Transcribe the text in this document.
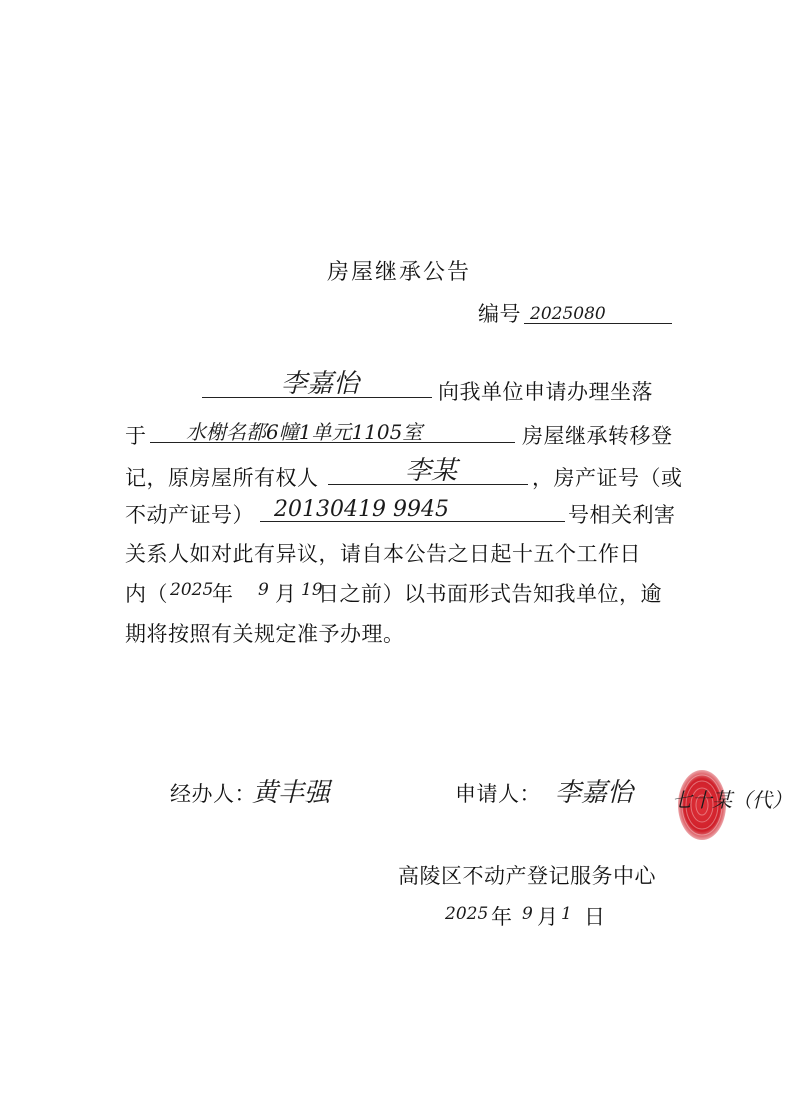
房屋继承公告
编号 2025080
李嘉怡	向我单位申请办理坐落
于	水榭名都6幢1单元1105室	房屋继承转移登
记，原房屋所有权人	李某	，房产证号（或
不动产证号） 20130419 9945	号相关利害
关系人如对此有异议，请自本公告之日起十五个工作日
内（ 2025
年 9 月 19
日之前）以书面形式告知我单位，逾
期将按照有关规定准予办理。
经办人：
黄丰强	申请人： 李嘉怡 七十某（代）
高陵区不动产登记服务中心
2025 年 9 月 1 日
